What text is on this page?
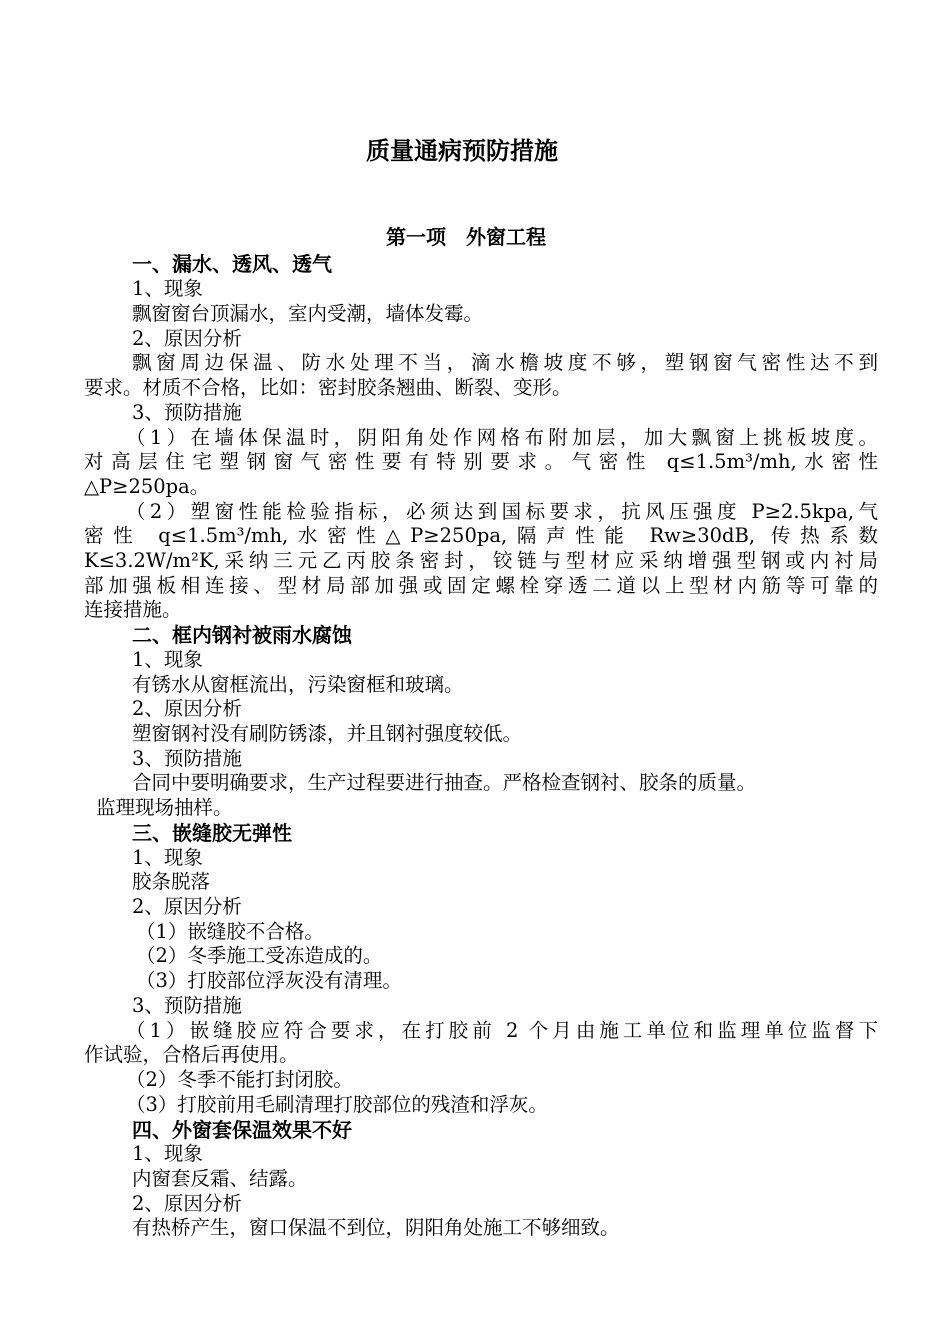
质量通病预防措施

第一项　外窗工程

一、漏水、透风、透气

1、现象

飘窗窗台顶漏水，室内受潮，墙体发霉。

2、原因分析

飘窗周边保温、防水处理不当，滴水檐坡度不够，塑钢窗气密性达不到

要求。材质不合格，比如：密封胶条翘曲、断裂、变形。

3、预防措施

（1）在墙体保温时，阴阳角处作网格布附加层，加大飘窗上挑板坡度。

对高层住宅塑钢窗气密性要有特别要求。气密性 q≤1.5m³/mh,水密性

△P≥250pa。

（2）塑窗性能检验指标，必须达到国标要求，抗风压强度 P≥2.5kpa,气

密性 q≤1.5m³/mh,水密性△P≥250pa,隔声性能 Rw≥30dB, 传热系数

K≤3.2W/m²K,采纳三元乙丙胶条密封，铰链与型材应采纳增强型钢或内衬局

部加强板相连接、型材局部加强或固定螺栓穿透二道以上型材内筋等可靠的

连接措施。

二、框内钢衬被雨水腐蚀

1、现象

有锈水从窗框流出，污染窗框和玻璃。

2、原因分析

塑窗钢衬没有刷防锈漆，并且钢衬强度较低。

3、预防措施

合同中要明确要求，生产过程要进行抽查。严格检查钢衬、胶条的质量。

监理现场抽样。

三、嵌缝胶无弹性

1、现象

胶条脱落

2、原因分析

（1）嵌缝胶不合格。

（2）冬季施工受冻造成的。

（3）打胶部位浮灰没有清理。

3、预防措施

（1）嵌缝胶应符合要求，在打胶前 2 个月由施工单位和监理单位监督下

作试验，合格后再使用。

（2）冬季不能打封闭胶。

（3）打胶前用毛刷清理打胶部位的残渣和浮灰。

四、外窗套保温效果不好

1、现象

内窗套反霜、结露。

2、原因分析

有热桥产生，窗口保温不到位，阴阳角处施工不够细致。
